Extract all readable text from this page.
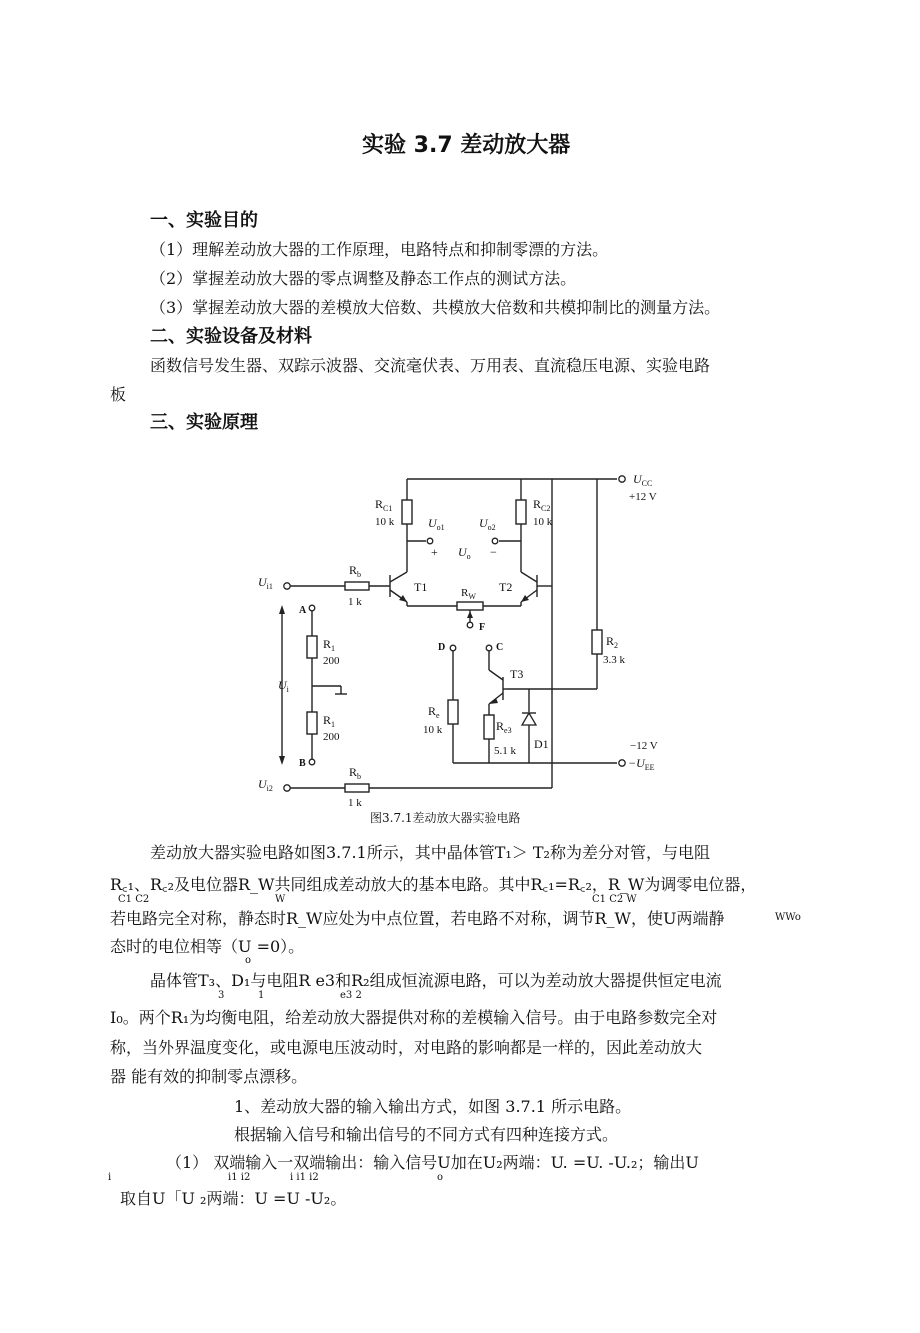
实验 3.7 差动放大器
一、实验目的
（1）理解差动放大器的工作原理，电路特点和抑制零漂的方法。
（2）掌握差动放大器的零点调整及静态工作点的测试方法。
（3）掌握差动放大器的差模放大倍数、共模放大倍数和共模抑制比的测量方法。
二、实验设备及材料
函数信号发生器、双踪示波器、交流毫伏表、万用表、直流稳压电源、实验电路
板
三、实验原理
$U_{CC}$
+12 V
$R_{C1}$
10 k
$R_{C2}$
10 k
$U_{o1}$	$U_{o2}$
+	−
$U_o$
$U_{i1}$
$R_b$
1 k
T1	T2
$R_W$
F
A
B
C
D
$R_1$
200
$R_1$
200
$U_i$
$R_2$
3.3 k
T3
$R_e$
10 k	$R_{e3}$
5.1 k D1	−12 V
$-U_{EE}$
$U_{i2}$
$R_b$
1 k
图3.7.1差动放大器实验电路
差动放大器实验电路如图3.7.1所示，其中晶体管T₁＞ T₂称为差分对管，与电阻
R꜀₁、R꜀₂及电位器R_W共同组成差动放大的基本电路。其中R꜀₁=R꜀₂，R_W为调零电位器，
C1 C2	W	C1 C2 W
若电路完全对称，静态时R_W应处为中点位置，若电路不对称，调节R_W，使U两端静	WWo
态时的电位相等（U =0）。
o
晶体管T₃、D₁与电阻R e3和R₂组成恒流源电路，可以为差动放大器提供恒定电流
3	1	e3 2
I₀。两个R₁为均衡电阻，给差动放大器提供对称的差模输入信号。由于电路参数完全对
称，当外界温度变化，或电源电压波动时，对电路的影响都是一样的，因此差动放大
器 能有效的抑制零点漂移。
1、差动放大器的输入输出方式，如图 3.7.1 所示电路。
根据输入信号和输出信号的不同方式有四种连接方式。
（1） 双端输入一双端输出：输入信号U加在U₂两端：U. =U. -U.₂；输出U
i	i1 i2	i i1 i2	o
取自U「U ₂两端：U =U -U₂。
